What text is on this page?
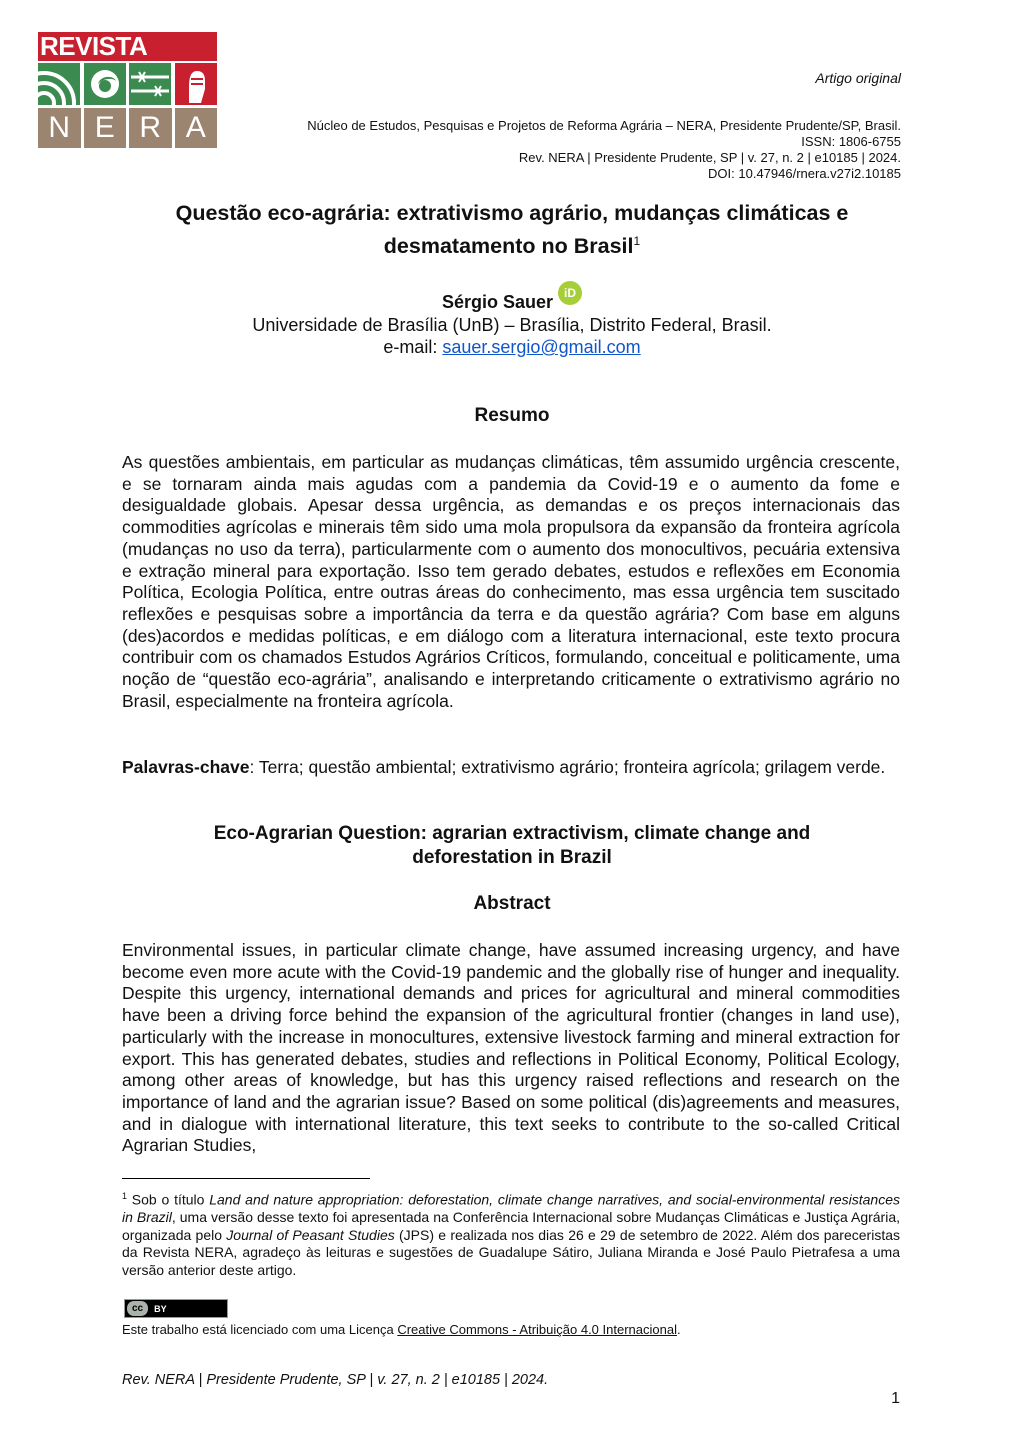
REVISTA
N E R A
Artigo original
Núcleo de Estudos, Pesquisas e Projetos de Reforma Agrária – NERA, Presidente Prudente/SP, Brasil.
ISSN: 1806-6755
Rev. NERA | Presidente Prudente, SP | v. 27, n. 2 | e10185 | 2024.
DOI: 10.47946/rnera.v27i2.10185
Questão eco-agrária: extrativismo agrário, mudanças climáticas e
desmatamento no Brasil$^1$
Sérgio Sauer iD
Universidade de Brasília (UnB) – Brasília, Distrito Federal, Brasil.
e-mail: sauer.sergio@gmail.com
Resumo
As questões ambientais, em particular as mudanças climáticas, têm assumido urgência crescente, e se tornaram ainda mais agudas com a pandemia da Covid-19 e o aumento da fome e desigualdade globais. Apesar dessa urgência, as demandas e os preços internacionais das commodities agrícolas e minerais têm sido uma mola propulsora da expansão da fronteira agrícola (mudanças no uso da terra), particularmente com o aumento dos monocultivos, pecuária extensiva e extração mineral para exportação. Isso tem gerado debates, estudos e reflexões em Economia Política, Ecologia Política, entre outras áreas do conhecimento, mas essa urgência tem suscitado reflexões e pesquisas sobre a importância da terra e da questão agrária? Com base em alguns (des)acordos e medidas políticas, e em diálogo com a literatura internacional, este texto procura contribuir com os chamados Estudos Agrários Críticos, formulando, conceitual e politicamente, uma noção de “questão eco-agrária”, analisando e interpretando criticamente o extrativismo agrário no Brasil, especialmente na fronteira agrícola.
Palavras-chave: Terra; questão ambiental; extrativismo agrário; fronteira agrícola; grilagem verde.
Eco-Agrarian Question: agrarian extractivism, climate change and
deforestation in Brazil
Abstract
Environmental issues, in particular climate change, have assumed increasing urgency, and have become even more acute with the Covid-19 pandemic and the globally rise of hunger and inequality. Despite this urgency, international demands and prices for agricultural and mineral commodities have been a driving force behind the expansion of the agricultural frontier (changes in land use), particularly with the increase in monocultures, extensive livestock farming and mineral extraction for export. This has generated debates, studies and reflections in Political Economy, Political Ecology, among other areas of knowledge, but has this urgency raised reflections and research on the importance of land and the agrarian issue? Based on some political (dis)agreements and measures, and in dialogue with international literature, this text seeks to contribute to the so-called Critical Agrarian Studies,
$^1$ Sob o título Land and nature appropriation: deforestation, climate change narratives, and social-environmental resistances in Brazil, uma versão desse texto foi apresentada na Conferência Internacional sobre Mudanças Climáticas e Justiça Agrária, organizada pelo Journal of Peasant Studies (JPS) e realizada nos dias 26 e 29 de setembro de 2022. Além dos pareceristas da Revista NERA, agradeço às leituras e sugestões de Guadalupe Sátiro, Juliana Miranda e José Paulo Pietrafesa a uma versão anterior deste artigo.
cc	BY
Este trabalho está licenciado com uma Licença Creative Commons - Atribuição 4.0 Internacional.
Rev. NERA | Presidente Prudente, SP | v. 27, n. 2 | e10185 | 2024.
1
